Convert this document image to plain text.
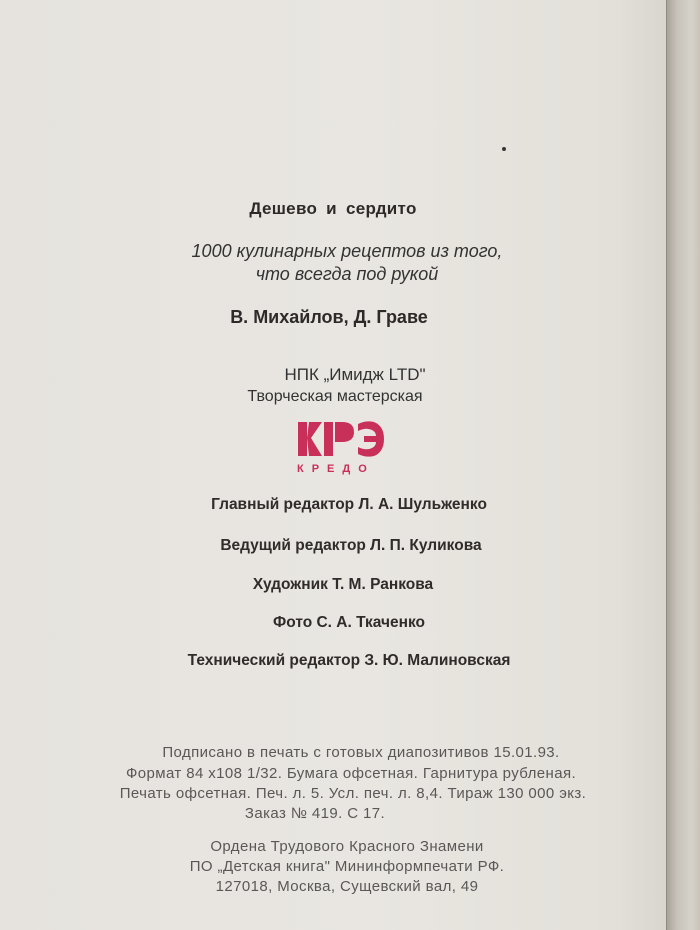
Дешево и сердито
1000 кулинарных рецептов из того,
что всегда под рукой
В. Михайлов, Д. Граве
НПК „Имидж LTD"
Творческая мастерская
КРЕДО
Главный редактор Л. А. Шульженко
Ведущий редактор Л. П. Куликова
Художник Т. М. Ранкова
Фото С. А. Ткаченко
Технический редактор З. Ю. Малиновская
Подписано в печать с готовых диапозитивов 15.01.93.
Формат 84 х108 1/32. Бумага офсетная. Гарнитура рубленая.
Печать офсетная. Печ. л. 5. Усл. печ. л. 8,4. Тираж 130 000 экз.
Заказ № 419. С 17.
Ордена Трудового Красного Знамени
ПО „Детская книга" Мининформпечати РФ.
127018, Москва, Сущевский вал, 49
